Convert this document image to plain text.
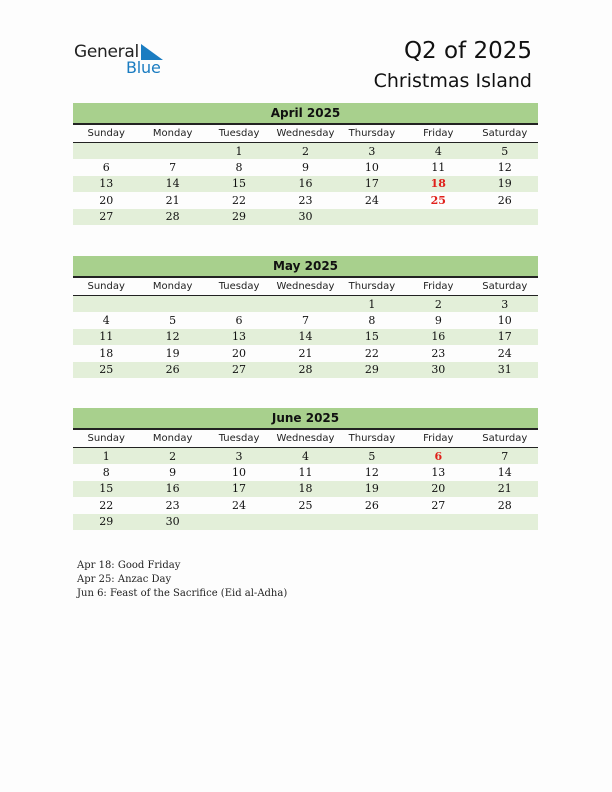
General
Blue
Q2 of 2025
Christmas Island
April 2025
Sunday	Monday	Tuesday	Wednesday	Thursday	Friday	Saturday
		1	2	3	4	5
6	7	8	9	10	11	12
13	14	15	16	17	18	19
20	21	22	23	24	25	26
27	28	29	30			
May 2025
Sunday	Monday	Tuesday	Wednesday	Thursday	Friday	Saturday
				1	2	3
4	5	6	7	8	9	10
11	12	13	14	15	16	17
18	19	20	21	22	23	24
25	26	27	28	29	30	31
June 2025
Sunday	Monday	Tuesday	Wednesday	Thursday	Friday	Saturday
1	2	3	4	5	6	7
8	9	10	11	12	13	14
15	16	17	18	19	20	21
22	23	24	25	26	27	28
29	30					
Apr 18: Good Friday
Apr 25: Anzac Day
Jun 6: Feast of the Sacrifice (Eid al-Adha)
